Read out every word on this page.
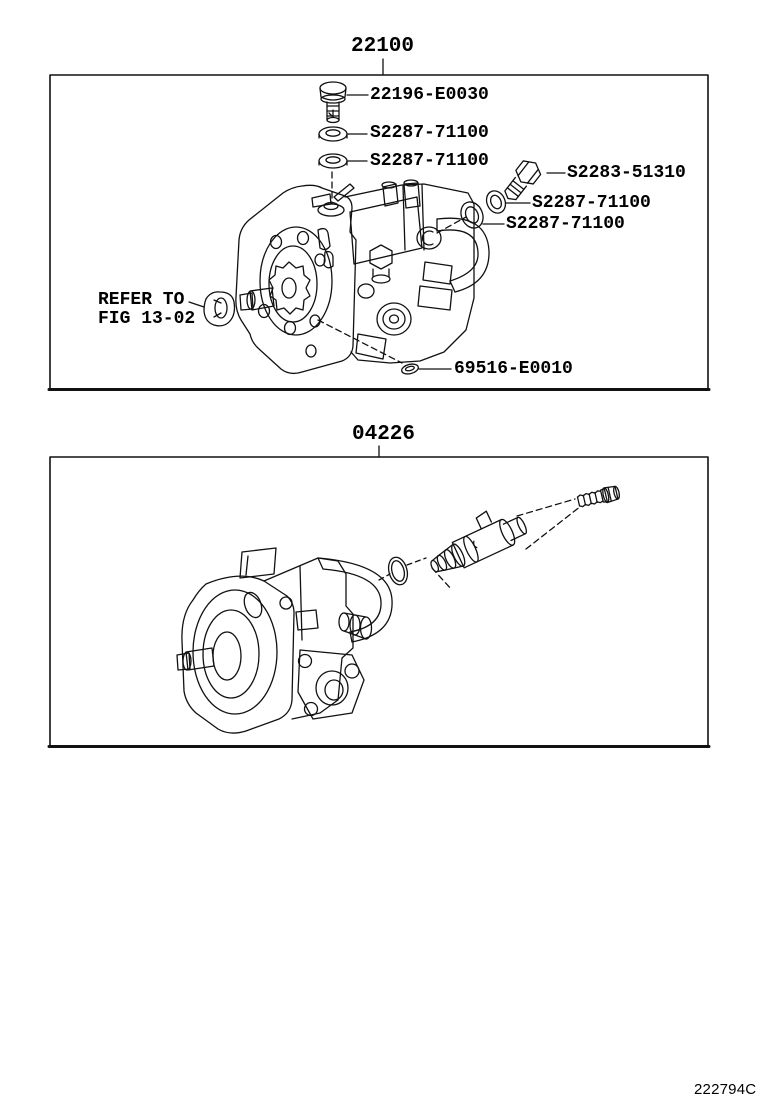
22100
22196-E0030
S2287-71100
S2287-71100
S2283-51310
S2287-71100
S2287-71100
69516-E0010
REFER TO
FIG 13-02
04226
222794C
